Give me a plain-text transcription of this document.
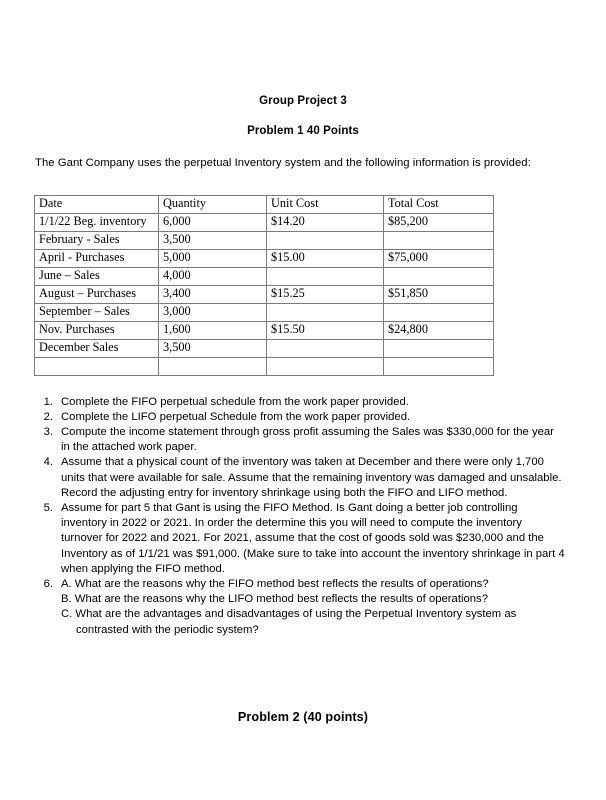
Group Project 3
Problem 1 40 Points

The Gant Company uses the perpetual Inventory system and the following information is provided:

Date	Quantity	Unit Cost	Total Cost
1/1/22 Beg. inventory	6,000	$14.20	$85,200
February - Sales	3,500		
April - Purchases	5,000	$15.00	$75,000
June – Sales	4,000		
August – Purchases	3,400	$15.25	$51,850
September – Sales	3,000		
Nov. Purchases	1,600	$15.50	$24,800
December Sales	3,500		

1. Complete the FIFO perpetual schedule from the work paper provided.

2. Complete the LIFO perpetual Schedule from the work paper provided.

3. Compute the income statement through gross profit assuming the Sales was $330,000 for the year in the attached work paper.

4. Assume that a physical count of the inventory was taken at December and there were only 1,700 units that were available for sale. Assume that the remaining inventory was damaged and unsalable. Record the adjusting entry for inventory shrinkage using both the FIFO and LIFO method.

5. Assume for part 5 that Gant is using the FIFO Method. Is Gant doing a better job controlling inventory in 2022 or 2021. In order the determine this you will need to compute the inventory turnover for 2022 and 2021. For 2021, assume that the cost of goods sold was $230,000 and the Inventory as of 1/1/21 was $91,000. (Make sure to take into account the inventory shrinkage in part 4 when applying the FIFO method.

6. A. What are the reasons why the FIFO method best reflects the results of operations?

B. What are the reasons why the LIFO method best reflects the results of operations?

C. What are the advantages and disadvantages of using the Perpetual Inventory system as

contrasted with the periodic system?

Problem 2 (40 points)
